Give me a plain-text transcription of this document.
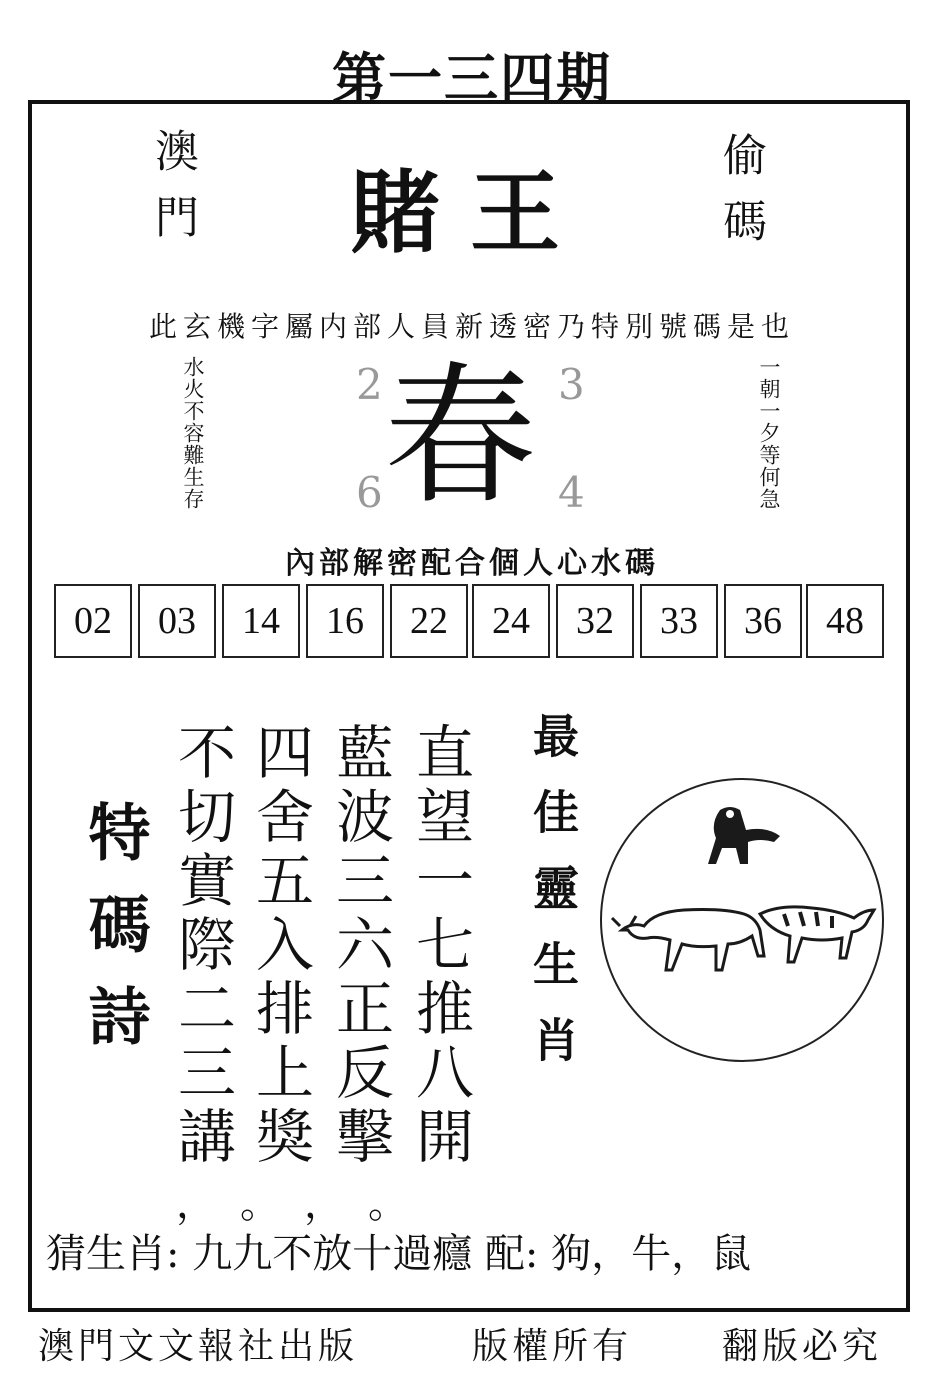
第一三四期
澳門	賭王	偷碼
此玄機字屬内部人員新透密乃特別號碼是也
水火不容難生存 春
2	3
6	4	一朝一夕等何急
內部解密配合個人心水碼
02	03	14	16	22	24	32	33	36	48
特碼詩	直望一七推八開
藍波三六正反擊
四舍五入排上獎
不切實際二三講	最佳靈生肖
，。，。
猜生肖: 九九不放十過癮 配: 狗，牛，鼠
澳門文文報社出版	版權所有 翻版必究
